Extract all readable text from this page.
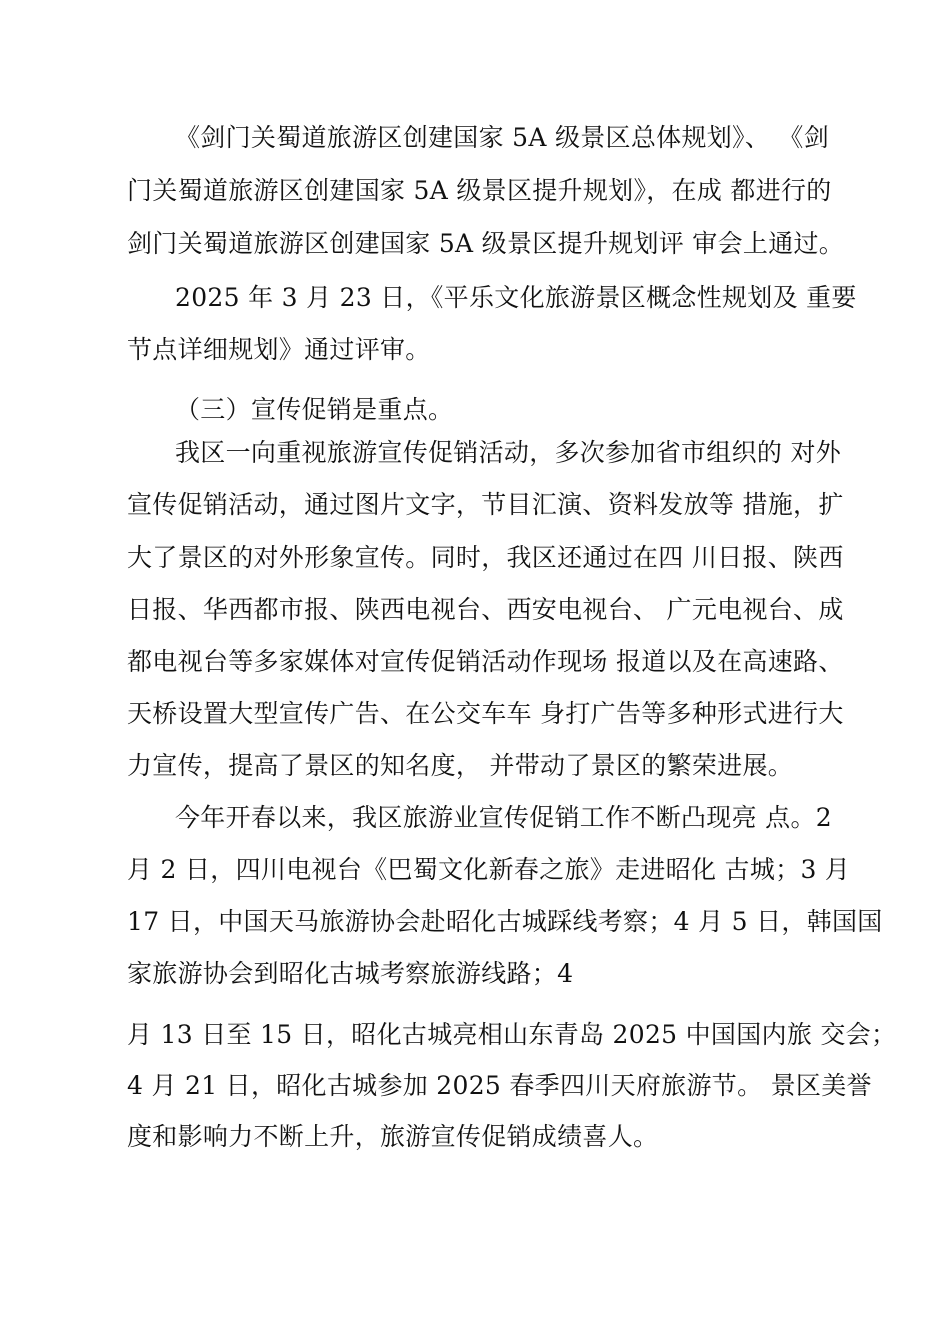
《剑门关蜀道旅游区创建国家 5A 级景区总体规划》、 《剑
门关蜀道旅游区创建国家 5A 级景区提升规划》，在成 都进行的
剑门关蜀道旅游区创建国家 5A 级景区提升规划评 审会上通过。
2025 年 3 月 23 日，《平乐文化旅游景区概念性规划及 重要
节点详细规划》通过评审。
（三）宣传促销是重点。
我区一向重视旅游宣传促销活动，多次参加省市组织的 对外
宣传促销活动，通过图片文字，节目汇演、资料发放等 措施，扩
大了景区的对外形象宣传。同时，我区还通过在四 川日报、陕西
日报、华西都市报、陕西电视台、西安电视台、 广元电视台、成
都电视台等多家媒体对宣传促销活动作现场 报道以及在高速路、
天桥设置大型宣传广告、在公交车车 身打广告等多种形式进行大
力宣传，提高了景区的知名度， 并带动了景区的繁荣进展。
今年开春以来，我区旅游业宣传促销工作不断凸现亮 点。2
月 2 日，四川电视台《巴蜀文化新春之旅》走进昭化 古城；3 月
17 日，中国天马旅游协会赴昭化古城踩线考察；4 月 5 日，韩国国
家旅游协会到昭化古城考察旅游线路；4
月 13 日至 15 日，昭化古城亮相山东青岛 2025 中国国内旅 交会；
4 月 21 日，昭化古城参加 2025 春季四川天府旅游节。 景区美誉
度和影响力不断上升，旅游宣传促销成绩喜人。
